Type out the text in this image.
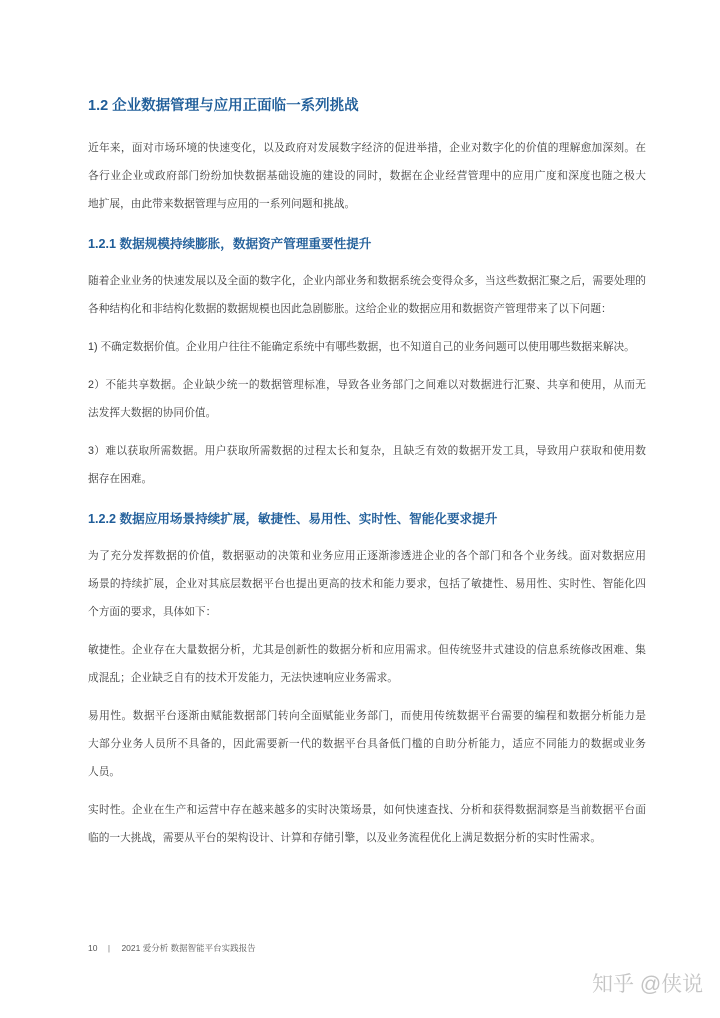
1.2 企业数据管理与应用正面临一系列挑战
近年来，面对市场环境的快速变化，以及政府对发展数字经济的促进举措，企业对数字化的价值的理解愈加深刻。在
各行业企业或政府部门纷纷加快数据基础设施的建设的同时，数据在企业经营管理中的应用广度和深度也随之极大
地扩展，由此带来数据管理与应用的一系列问题和挑战。
1.2.1 数据规模持续膨胀，数据资产管理重要性提升
随着企业业务的快速发展以及全面的数字化，企业内部业务和数据系统会变得众多，当这些数据汇聚之后，需要处理的
各种结构化和非结构化数据的数据规模也因此急剧膨胀。这给企业的数据应用和数据资产管理带来了以下问题：
1) 不确定数据价值。企业用户往往不能确定系统中有哪些数据，也不知道自己的业务问题可以使用哪些数据来解决。
2）不能共享数据。企业缺少统一的数据管理标准，导致各业务部门之间难以对数据进行汇聚、共享和使用，从而无
法发挥大数据的协同价值。
3）难以获取所需数据。用户获取所需数据的过程太长和复杂，且缺乏有效的数据开发工具，导致用户获取和使用数
据存在困难。
1.2.2 数据应用场景持续扩展，敏捷性、易用性、实时性、智能化要求提升
为了充分发挥数据的价值，数据驱动的决策和业务应用正逐渐渗透进企业的各个部门和各个业务线。面对数据应用
场景的持续扩展，企业对其底层数据平台也提出更高的技术和能力要求，包括了敏捷性、易用性、实时性、智能化四
个方面的要求，具体如下：
敏捷性。企业存在大量数据分析，尤其是创新性的数据分析和应用需求。但传统竖井式建设的信息系统修改困难、集
成混乱；企业缺乏自有的技术开发能力，无法快速响应业务需求。
易用性。数据平台逐渐由赋能数据部门转向全面赋能业务部门，而使用传统数据平台需要的编程和数据分析能力是
大部分业务人员所不具备的，因此需要新一代的数据平台具备低门槛的自助分析能力，适应不同能力的数据或业务
人员。
实时性。企业在生产和运营中存在越来越多的实时决策场景，如何快速查找、分析和获得数据洞察是当前数据平台面
临的一大挑战，需要从平台的架构设计、计算和存储引擎，以及业务流程优化上满足数据分析的实时性需求。
10 | 2021 爱分析 数据智能平台实践报告
知乎 @侠说
